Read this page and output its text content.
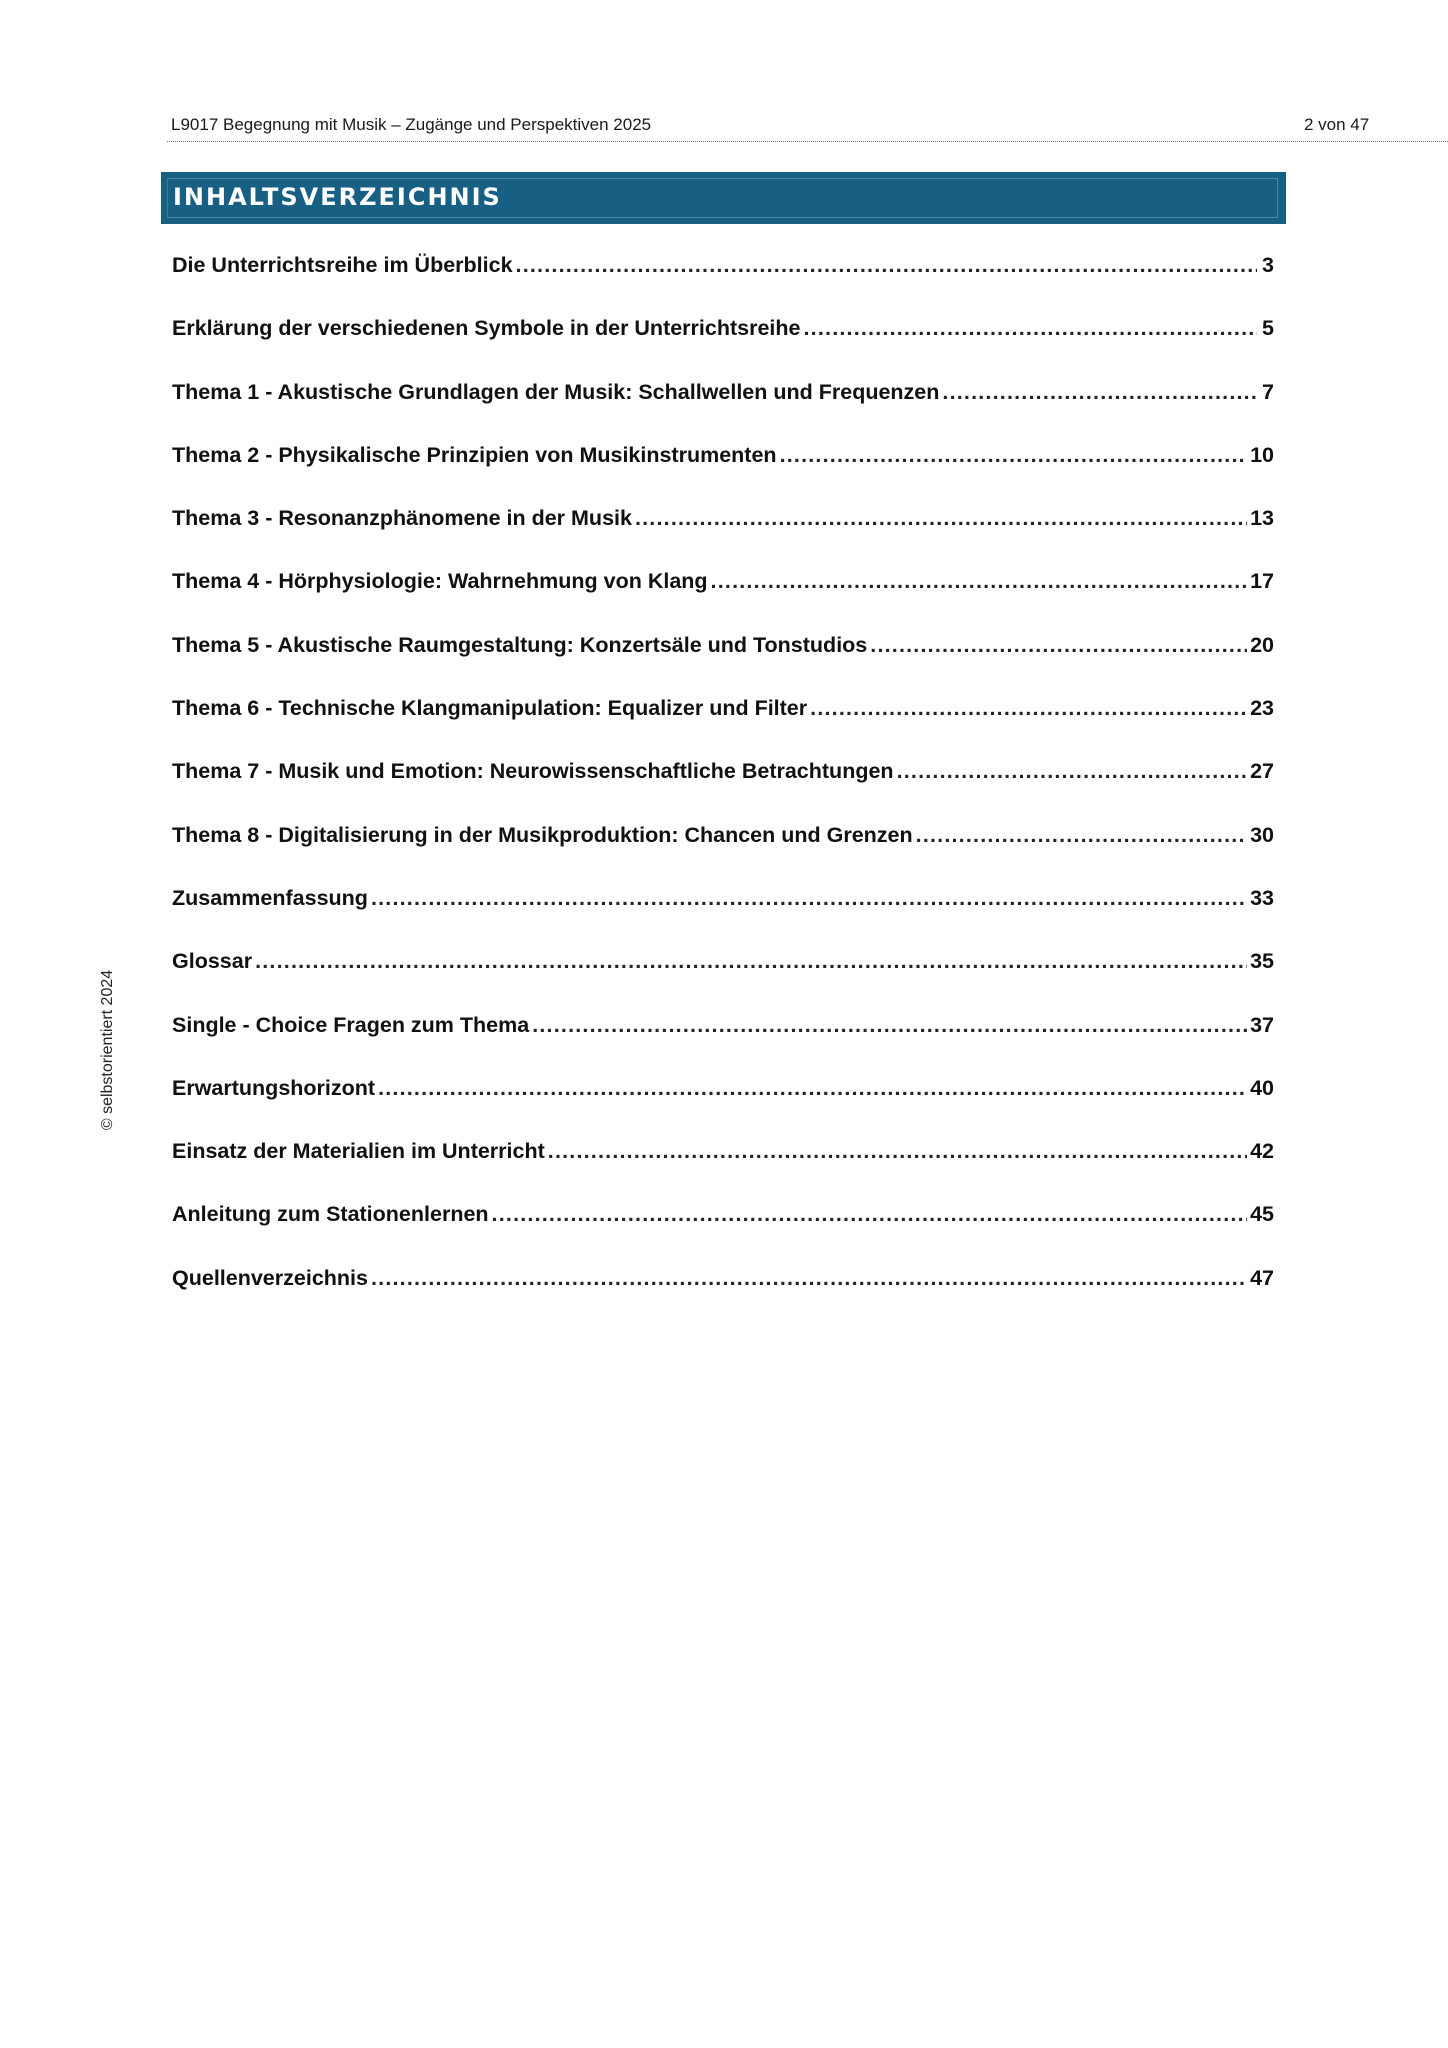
L9017 Begegnung mit Musik – Zugänge und Perspektiven 2025	2 von 47
INHALTSVERZEICHNIS
Die Unterrichtsreihe im Überblick .....	3
Erklärung der verschiedenen Symbole in der Unterrichtsreihe .....	5
Thema 1 - Akustische Grundlagen der Musik: Schallwellen und Frequenzen .....	7
Thema 2 - Physikalische Prinzipien von Musikinstrumenten .....	10
Thema 3 - Resonanzphänomene in der Musik .....	13
Thema 4 - Hörphysiologie: Wahrnehmung von Klang .....	17
Thema 5 - Akustische Raumgestaltung: Konzertsäle und Tonstudios .....	20
Thema 6 - Technische Klangmanipulation: Equalizer und Filter .....	23
Thema 7 - Musik und Emotion: Neurowissenschaftliche Betrachtungen .....	27
Thema 8 - Digitalisierung in der Musikproduktion: Chancen und Grenzen .....	30
Zusammenfassung .....	33
Glossar .....	35
Single - Choice Fragen zum Thema .....	37
Erwartungshorizont .....	40
Einsatz der Materialien im Unterricht .....	42
Anleitung zum Stationenlernen .....	45
Quellenverzeichnis .....	47
© selbstorientiert 2024
